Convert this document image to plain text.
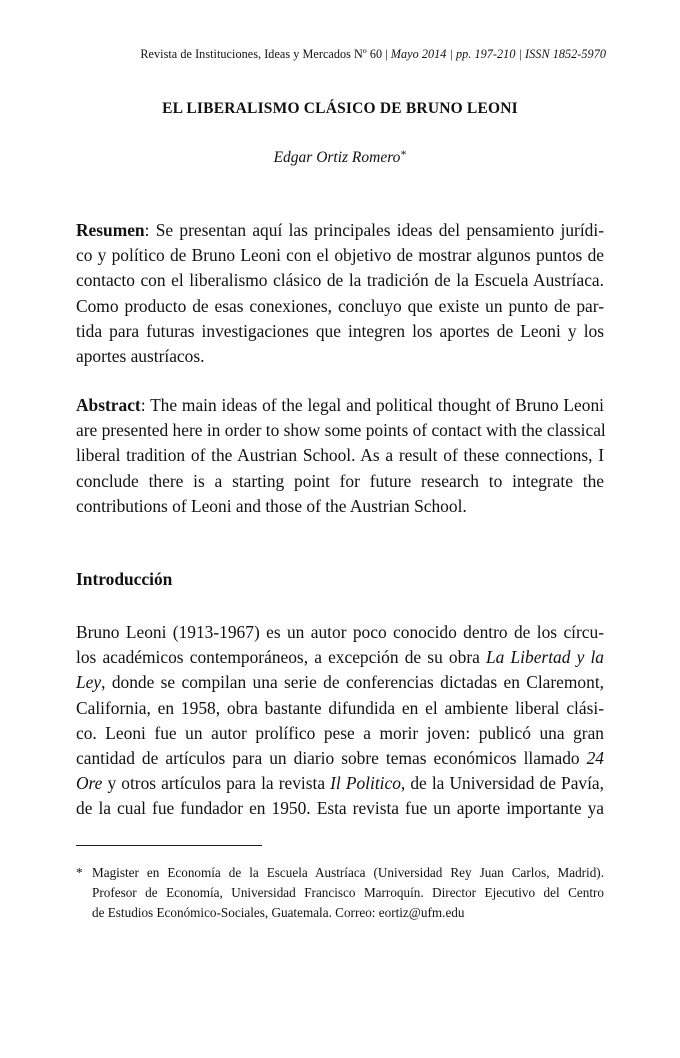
Revista de Instituciones, Ideas y Mercados Nº 60 | Mayo 2014 | pp. 197-210 | ISSN 1852-5970
EL LIBERALISMO CLÁSICO DE BRUNO LEONI
Edgar Ortiz Romero*
Resumen: Se presentan aquí las principales ideas del pensamiento jurídi-
co y político de Bruno Leoni con el objetivo de mostrar algunos puntos de
contacto con el liberalismo clásico de la tradición de la Escuela Austríaca.
Como producto de esas conexiones, concluyo que existe un punto de par-
tida para futuras investigaciones que integren los aportes de Leoni y los
aportes austríacos.
Abstract: The main ideas of the legal and political thought of Bruno Leoni
are presented here in order to show some points of contact with the classical
liberal tradition of the Austrian School. As a result of these connections, I
conclude there is a starting point for future research to integrate the
contributions of Leoni and those of the Austrian School.
Introducción
Bruno Leoni (1913-1967) es un autor poco conocido dentro de los círcu-
los académicos contemporáneos, a excepción de su obra La Libertad y la
Ley, donde se compilan una serie de conferencias dictadas en Claremont,
California, en 1958, obra bastante difundida en el ambiente liberal clási-
co. Leoni fue un autor prolífico pese a morir joven: publicó una gran
cantidad de artículos para un diario sobre temas económicos llamado 24
Ore y otros artículos para la revista Il Politico, de la Universidad de Pavía,
de la cual fue fundador en 1950. Esta revista fue un aporte importante ya
* Magister en Economía de la Escuela Austríaca (Universidad Rey Juan Carlos, Madrid).
Profesor de Economía, Universidad Francisco Marroquín. Director Ejecutivo del Centro
de Estudios Económico-Sociales, Guatemala. Correo: eortiz@ufm.edu
